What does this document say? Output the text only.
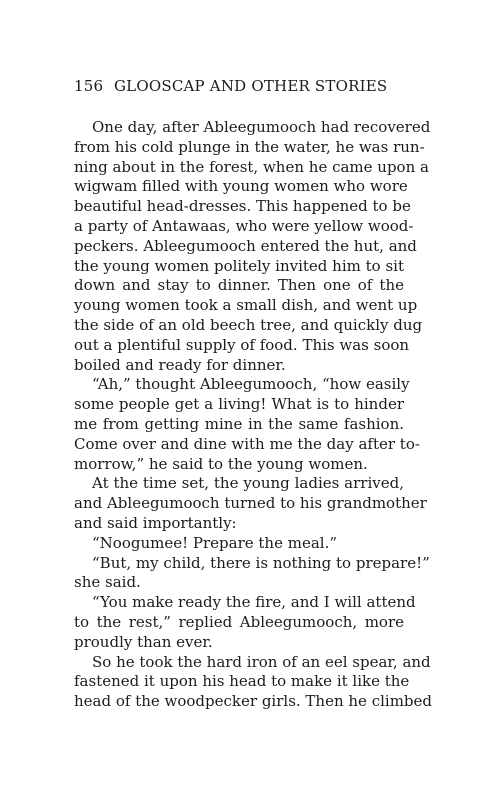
156 GLOOSCAP AND OTHER STORIES
One day, after Ableegumooch had recovered
from his cold plunge in the water, he was run-
ning about in the forest, when he came upon a
wigwam filled with young women who wore
beautiful head-dresses. This happened to be
a party of Antawaas, who were yellow wood-
peckers. Ableegumooch entered the hut, and
the young women politely invited him to sit
down and stay to dinner. Then one of the
young women took a small dish, and went up
the side of an old beech tree, and quickly dug
out a plentiful supply of food. This was soon
boiled and ready for dinner.
“Ah,” thought Ableegumooch, “how easily
some people get a living! What is to hinder
me from getting mine in the same fashion.
Come over and dine with me the day after to-
morrow,” he said to the young women.
At the time set, the young ladies arrived,
and Ableegumooch turned to his grandmother
and said importantly:
“Noogumee! Prepare the meal.”
“But, my child, there is nothing to prepare!”
she said.
“You make ready the fire, and I will attend
to the rest,” replied Ableegumooch, more
proudly than ever.
So he took the hard iron of an eel spear, and
fastened it upon his head to make it like the
head of the woodpecker girls. Then he climbed
